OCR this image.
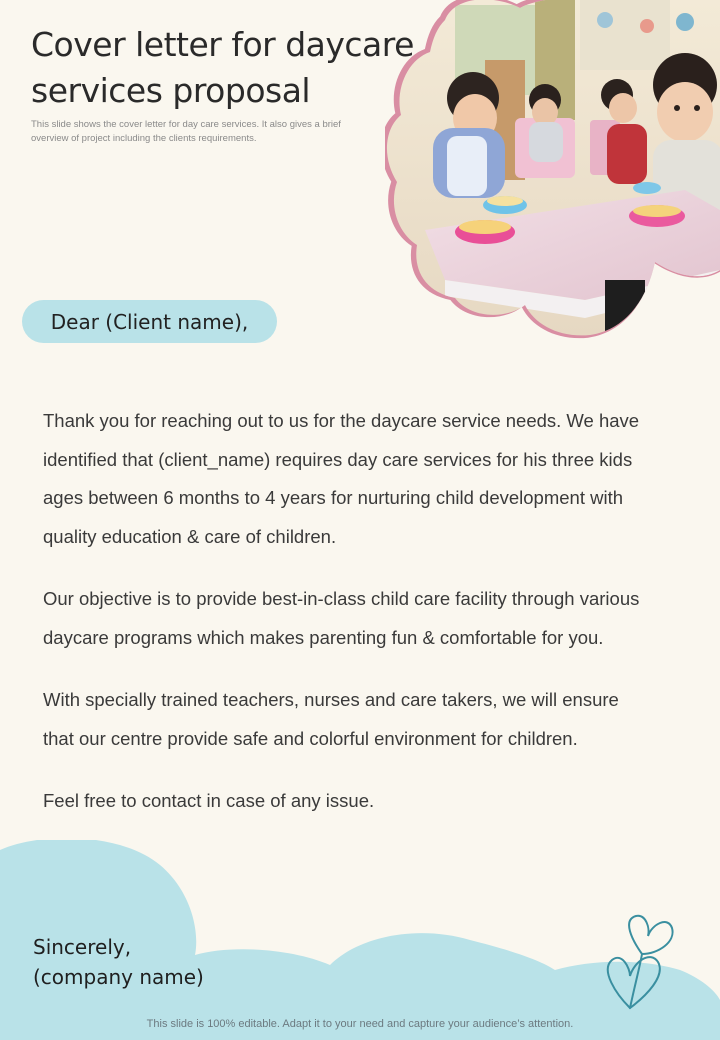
Cover letter for daycare services proposal
This slide shows the cover letter for day care services. It also gives a brief overview of project including the clients requirements.
Dear (Client name),

Thank you for reaching out to us for the daycare service needs. We have identified that (client_name) requires day care services for his three kids ages between 6 months to 4 years for nurturing child development with quality education & care of children.

Our objective is to provide best-in-class child care facility through various daycare programs which makes parenting fun & comfortable for you.

With specially trained teachers, nurses and care takers, we will ensure that our centre provide safe and colorful environment for children.

Feel free to contact in case of any issue.

Sincerely,
(company name)
This slide is 100% editable. Adapt it to your need and capture your audience’s attention.
